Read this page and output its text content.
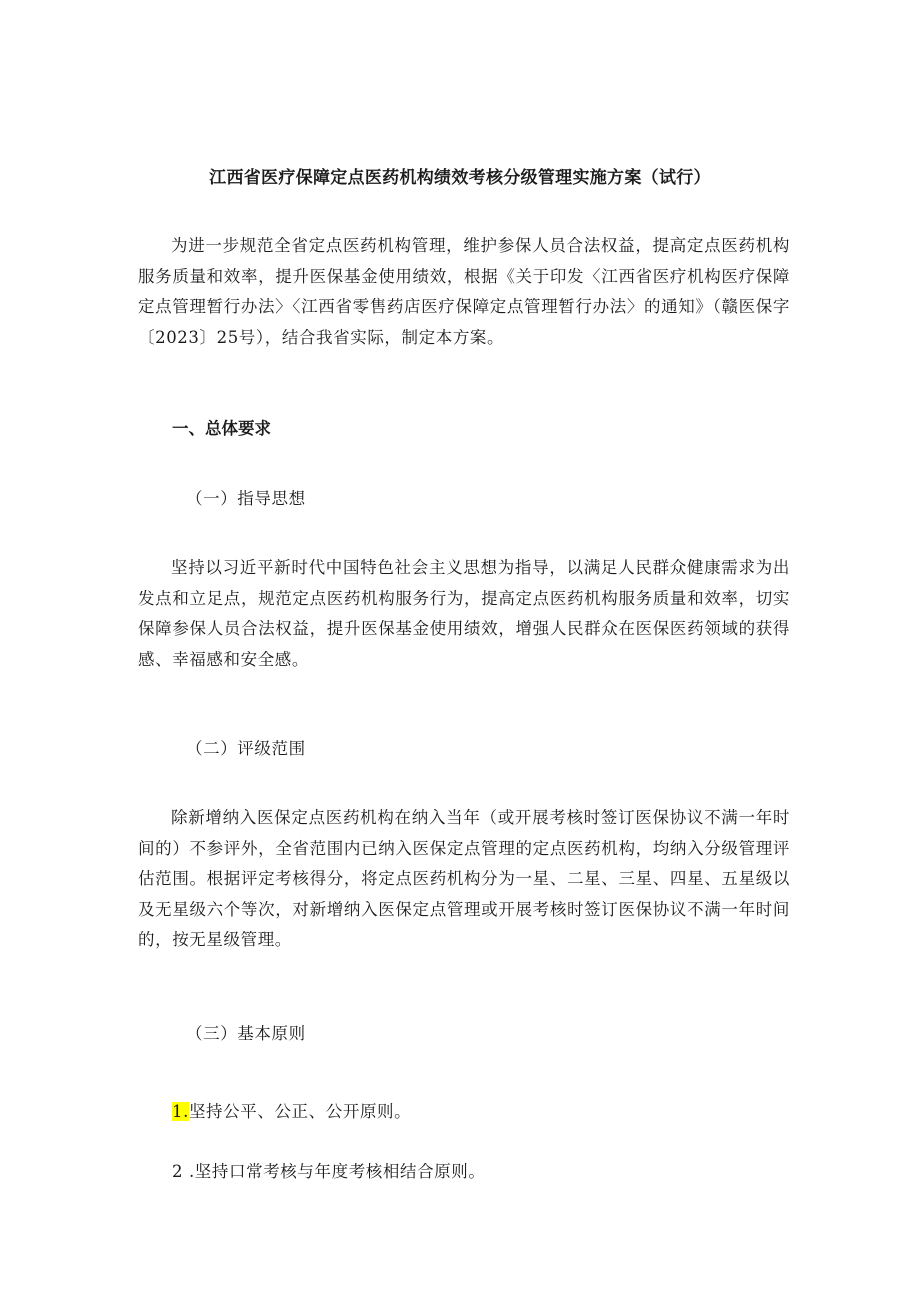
江西省医疗保障定点医药机构绩效考核分级管理实施方案（试行）

为进一步规范全省定点医药机构管理，维护参保人员合法权益，提高定点医药机构服务质量和效率，提升医保基金使用绩效，根据《关于印发〈江西省医疗机构医疗保障定点管理暂行办法〉〈江西省零售药店医疗保障定点管理暂行办法〉的通知》（赣医保字〔2023〕25号），结合我省实际，制定本方案。

一、总体要求
（一）指导思想

坚持以习近平新时代中国特色社会主义思想为指导，以满足人民群众健康需求为出发点和立足点，规范定点医药机构服务行为，提高定点医药机构服务质量和效率，切实保障参保人员合法权益，提升医保基金使用绩效，增强人民群众在医保医药领域的获得感、幸福感和安全感。

（二）评级范围

除新增纳入医保定点医药机构在纳入当年（或开展考核时签订医保协议不满一年时间的）不参评外，全省范围内已纳入医保定点管理的定点医药机构，均纳入分级管理评估范围。根据评定考核得分，将定点医药机构分为一星、二星、三星、四星、五星级以及无星级六个等次，对新增纳入医保定点管理或开展考核时签订医保协议不满一年时间的，按无星级管理。

（三）基本原则
1.坚持公平、公正、公开原则。
2 .坚持口常考核与年度考核相结合原则。
